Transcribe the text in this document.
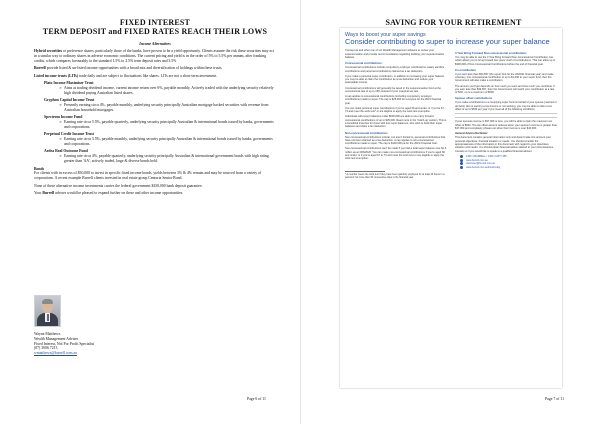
FIXED INTEREST
TERM DEPOSIT and FIXED RATES REACH THEIR LOWS
Income Alternatives

Hybrid securities or preference shares, particularly those of the banks, have proven to be a yield opportunity. Clients assume the risk these securities may act in a similar way to ordinary shares in adverse economic conditions. The current pricing and yield is in the order of 5% to 5.5% per annum, after franking credits, which compares favourably to the standard 1.5% to 2.5% term deposit rates and 3.5%

Burrell provide listed & un-listed income opportunities with a broad mix and diversification of holdings within these trusts.

Listed income trusts (LITs) trade daily and are subject to fluctuations like shares. LITs are not a short-term investment.

Plato Income Maximiser Trust
➢ Aims at trading dividend income, current income return over 6%, payable monthly. Actively traded with the underlying security relatively high dividend paying Australian listed shares.
Gryphon Capital Income Trust
➢ Presently earning circa 4%, payable monthly, underlying security principally Australian mortgage backed securities with revenue from Australian household mortgages.
Spectrum Income Fund
➢ Earning rate circa 5.5%, payable quarterly, underlying security principally Australian & international bonds issued by banks, governments and corporations.
Perpetual Credit Income Trust
➢ Earning rate circa 3.5%, payable monthly, underlying security principally Australian & international bonds issued by banks, governments and corporations.
Ardea Real Outcome Fund
➢ Earning rate circa 4%, payable quarterly, underlying security principally Australian & international government bonds with high rating greater than 'AA', actively traded, large & diverse bonds held.
Bonds

For clients with in excess of $50,000 to invest in specific fixed income bonds, yields between 3% & 4% remain and may be sourced from a variety of corporations. A recent example Burrell clients invested in real estate group Centuria Senior Bond.

None of these alternative income investments carries the federal government $250,000 bank deposit guarantee.

Your Burrell adviser would be pleased to expand further on these and other income opportunities.

Wayne Matthews

Wealth Management Adviser

Fixed Interest, Not For Profit Specialist

(07) 3006 7213

wmatthews@burrell.com.au

Page 6 of 11
SAVING FOR YOUR RETIREMENT

Ways to boost your super savings

Consider contributing to super to increase your super balance

Concept as and other one of our Wealth Management advisers to review your superannuation and provide recommendations regarding building your superannuation balance.

Concessional contributions

Concessional contributions include compulsory employer contributions, salary sacrifice contributions and personal contributions claimed as a tax deduction.

If you make a personal super contribution, in addition to increasing your super balance, you may be able to claim the contribution as a tax deduction and reduce your assessable income.

Concessional contributions will generally be taxed in the superannuation fund at the concessional rate of up to 15% instead of your marginal tax rate.

A cap applies to concessional contributions (including compulsory employer contributions) made to super. The cap is $25,000 for everyone for the 2021 financial year.

You can make personal super contributions if you're aged 66 and under, or if you're 67 - 74 and meet the work test* or are eligible to apply the work test exemption.

Individuals with super balances under $500,000 are able to use carry forward concessional contributions of up to $25,000. Read more in the 'Catch-up' section. This is a beneficial incentive for those with low super balances, who wish to build their super balances and claim a tax deduction.

Non-concessional contributions

Non-concessional contributions include, but aren't limited to, personal contributions that have not been claimed as a tax deduction. A cap applies to non-concessional contributions made to super. The cap is $100,000 pa for the 2021 Financial Year.

Non-concessional contributions can't be made if you had a total super balance over $1.6 million as at 30/6/2020. You can make non-concessional contributions if you're aged 66 and under, or if you're aged 67 to 74 and meet the work test or are eligible to apply the work test exemption.

3 Year Bring Forward Non-concessional contributions

You may be able to use the 3 Year Bring Forward Non-Concessional Contribution rule which allows you to bring forward two years' worth of contributions. This can allow up to $300,000 of Non-Concessional Contributions before the end of financial year.

Co-contribution

If you earn less than $54,837 (the upper limit for the 2020/21 financial year) and make voluntary, non-concessional contribution of up to $1,000 to your super fund, then the Government will also make a contribution.

The amount you'll get depends on how much you earn and how much you contribute. If you earn less than $39,837, then the Government will match your contribution at a rate of 50%, up to a maximum of $500.

Spouse offset contributions

If you make contributions to a complying super fund on behalf of your spouse (married or de facto) who is earning a low income or not working, you may be able to claim a tax offset of up to $540 per year if you meet all of the following conditions:

If your spouses income is $37,000 or less, you will be able to claim the maximum tax offset of $540. The tax offset amount reduces when your spouse's income is greater than $37,000 and completely phases out when their income is over $40,000.

General Advice Disclaimer

This document contains general information only and doesn't take into account your personal objectives, financial situation or needs. You should consider the appropriateness of the information in this document with regard to your objectives, situation and needs. You should obtain financial advice tailored to your circumstances. Contact us if you would like to speak to a qualified financial adviser.

1300 4 BURRELL / 1300 4 2877 355
www.burrell.com.au
clientuser@burrell.com.au
www.burrell.com.au/bondi-blog
* A member meets the work test if they have been gainfully employed for at least 40 hours in a period of not more than 30 consecutive days in the financial year.
Page 7 of 11
